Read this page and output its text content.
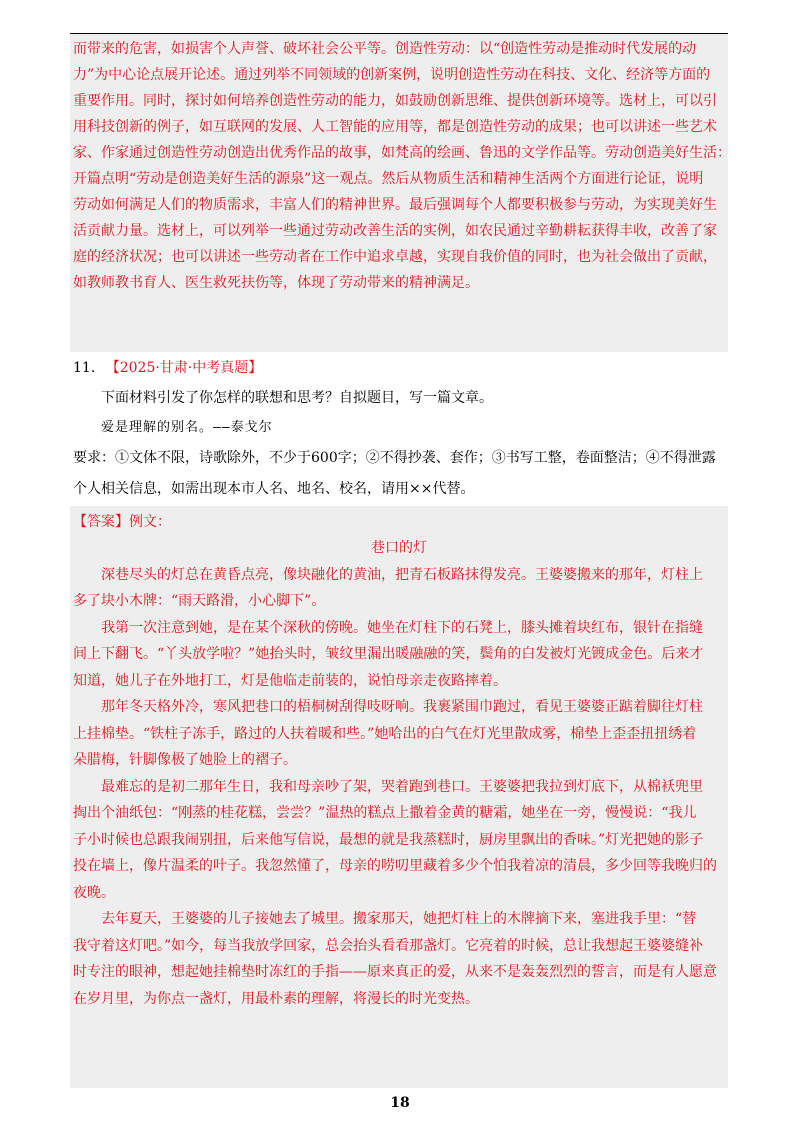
而带来的危害，如损害个人声誉、破坏社会公平等。创造性劳动：以“创造性劳动是推动时代发展的动
力”为中心论点展开论述。通过列举不同领域的创新案例，说明创造性劳动在科技、文化、经济等方面的
重要作用。同时，探讨如何培养创造性劳动的能力，如鼓励创新思维、提供创新环境等。选材上，可以引
用科技创新的例子，如互联网的发展、人工智能的应用等，都是创造性劳动的成果；也可以讲述一些艺术
家、作家通过创造性劳动创造出优秀作品的故事，如梵高的绘画、鲁迅的文学作品等。劳动创造美好生活：
开篇点明“劳动是创造美好生活的源泉”这一观点。然后从物质生活和精神生活两个方面进行论证，说明
劳动如何满足人们的物质需求，丰富人们的精神世界。最后强调每个人都要积极参与劳动，为实现美好生
活贡献力量。选材上，可以列举一些通过劳动改善生活的实例，如农民通过辛勤耕耘获得丰收，改善了家
庭的经济状况；也可以讲述一些劳动者在工作中追求卓越，实现自我价值的同时，也为社会做出了贡献，
如教师教书育人、医生救死扶伤等，体现了劳动带来的精神满足。
11. 【2025·甘肃·中考真题】
下面材料引发了你怎样的联想和思考？自拟题目，写一篇文章。
爱是理解的别名。——泰戈尔
要求：①文体不限，诗歌除外，不少于600字；②不得抄袭、套作；③书写工整，卷面整洁；④不得泄露
个人相关信息，如需出现本市人名、地名、校名，请用××代替。
【答案】例文：
巷口的灯
深巷尽头的灯总在黄昏点亮，像块融化的黄油，把青石板路抹得发亮。王婆婆搬来的那年，灯柱上
多了块小木牌：“雨天路滑，小心脚下”。
我第一次注意到她，是在某个深秋的傍晚。她坐在灯柱下的石凳上，膝头摊着块红布，银针在指缝
间上下翻飞。“丫头放学啦？”她抬头时，皱纹里漏出暖融融的笑，鬓角的白发被灯光镀成金色。后来才
知道，她儿子在外地打工，灯是他临走前装的，说怕母亲走夜路摔着。
那年冬天格外冷，寒风把巷口的梧桐树刮得吱呀响。我裹紧围巾跑过，看见王婆婆正踮着脚往灯柱
上挂棉垫。“铁柱子冻手，路过的人扶着暖和些。”她哈出的白气在灯光里散成雾，棉垫上歪歪扭扭绣着
朵腊梅，针脚像极了她脸上的褶子。
最难忘的是初二那年生日，我和母亲吵了架，哭着跑到巷口。王婆婆把我拉到灯底下，从棉袄兜里
掏出个油纸包：“刚蒸的桂花糕，尝尝？”温热的糕点上撒着金黄的糖霜，她坐在一旁，慢慢说：“我儿
子小时候也总跟我闹别扭，后来他写信说，最想的就是我蒸糕时，厨房里飘出的香味。”灯光把她的影子
投在墙上，像片温柔的叶子。我忽然懂了，母亲的唠叨里藏着多少个怕我着凉的清晨，多少回等我晚归的
夜晚。
去年夏天，王婆婆的儿子接她去了城里。搬家那天，她把灯柱上的木牌摘下来，塞进我手里：“替
我守着这灯吧。”如今，每当我放学回家，总会抬头看看那盏灯。它亮着的时候，总让我想起王婆婆缝补
时专注的眼神，想起她挂棉垫时冻红的手指——原来真正的爱，从来不是轰轰烈烈的誓言，而是有人愿意
在岁月里，为你点一盏灯，用最朴素的理解，将漫长的时光变热。
18
